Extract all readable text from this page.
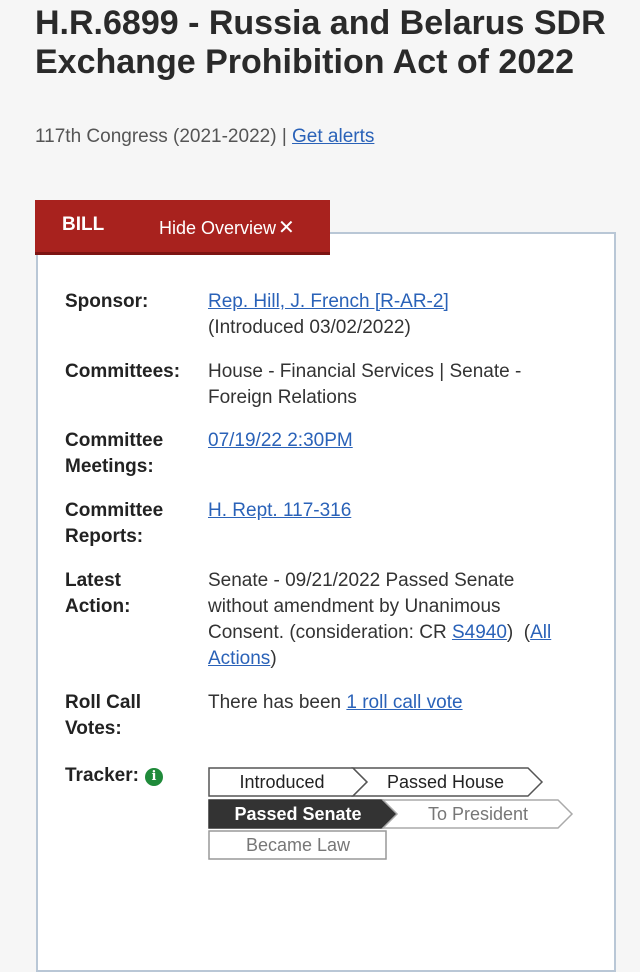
H.R.6899 - Russia and Belarus SDR Exchange Prohibition Act of 2022
117th Congress (2021-2022) | Get alerts
BILL	Hide Overview ✕
Sponsor:	Rep. Hill, J. French [R-AR-2]
(Introduced 03/02/2022)
Committees: House - Financial Services | Senate - Foreign Relations
Committee
Meetings:
07/19/22 2:30PM
Committee
Reports:
H. Rept. 117-316
Latest
Action:
Senate - 09/21/2022 Passed Senate without amendment by Unanimous Consent. (consideration: CR S4940) (All Actions)
Roll Call
Votes:
There has been 1 roll call vote
Tracker: i	Introduced	Passed House
Passed Senate	To President
Became Law
